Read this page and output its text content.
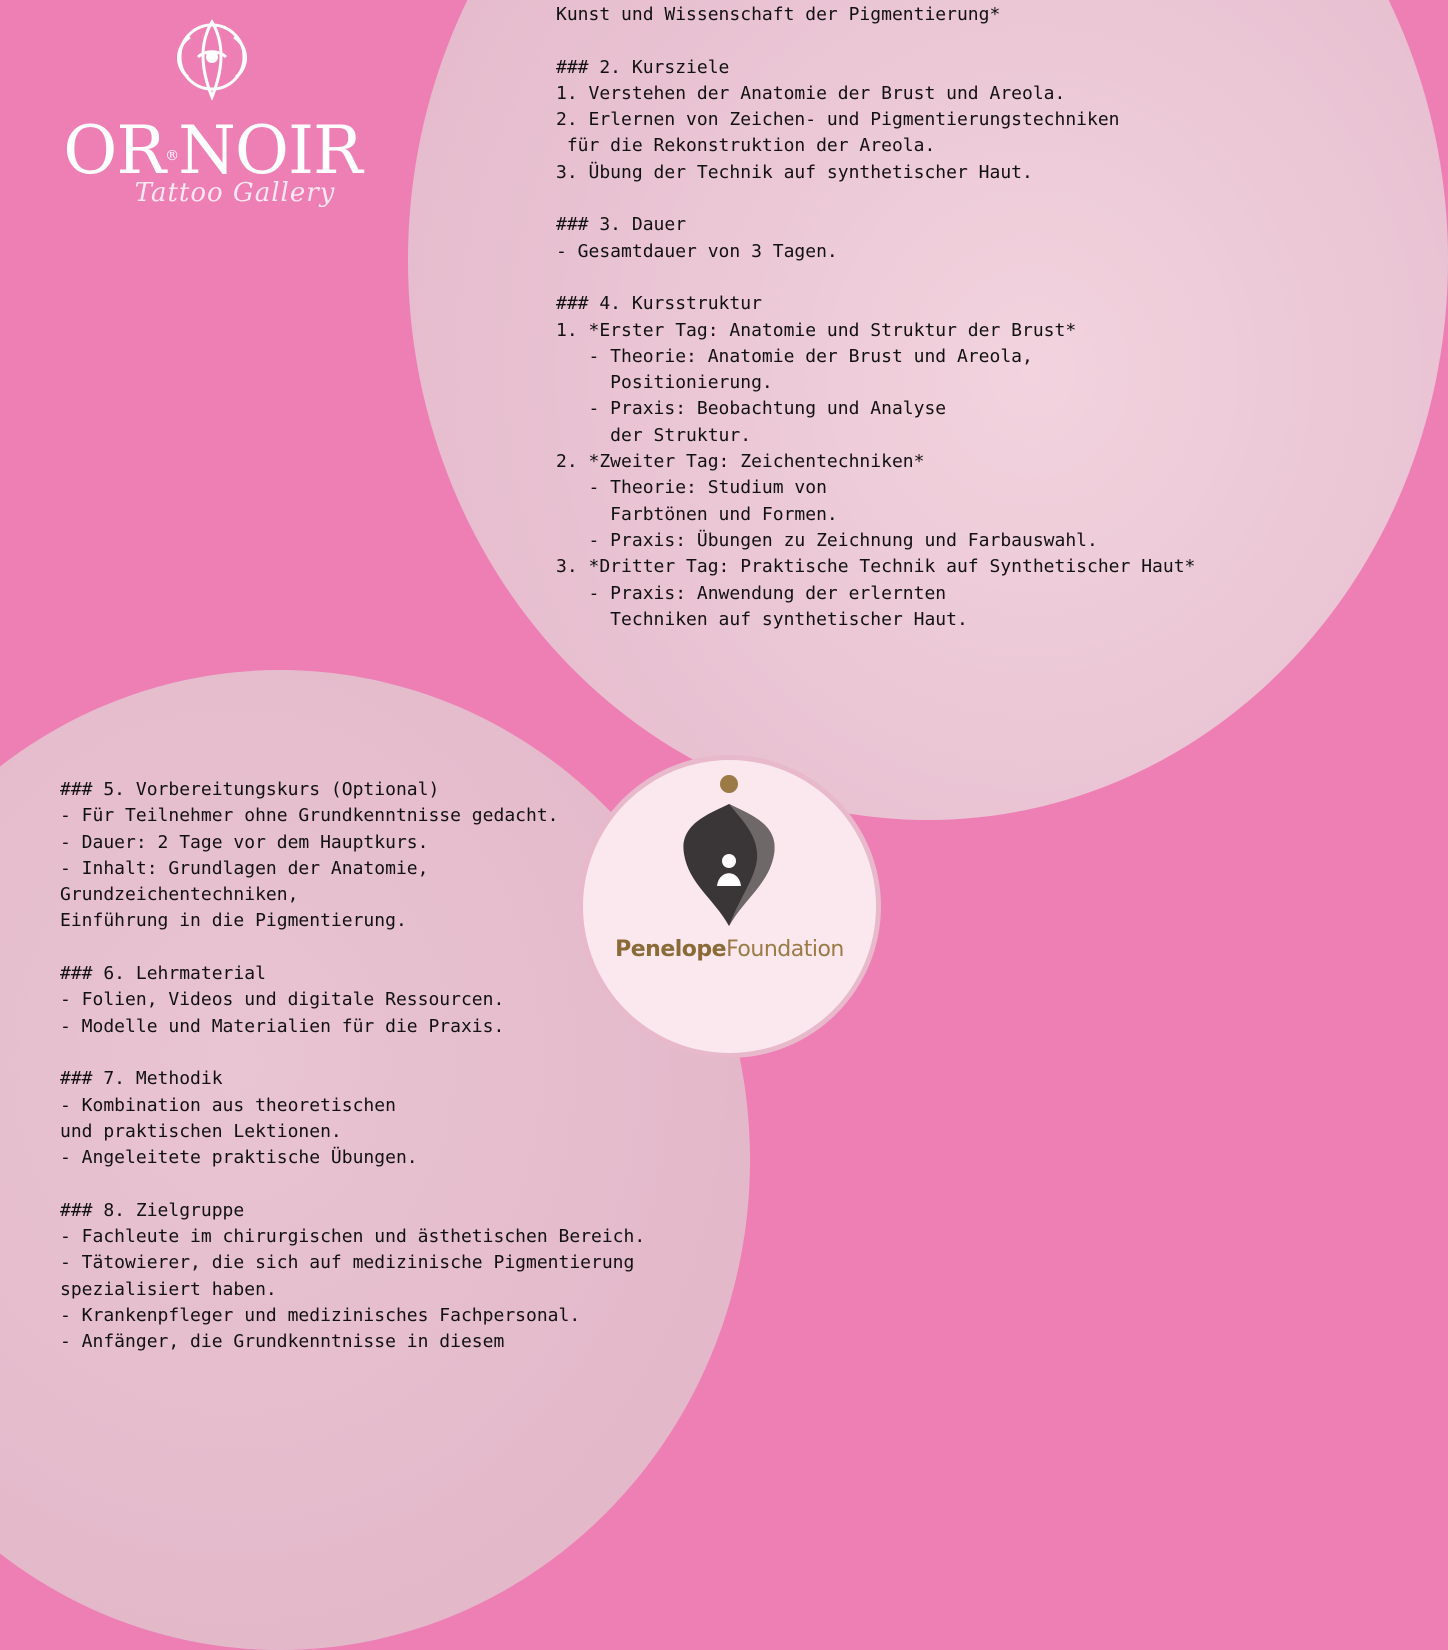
OR®NOIR
Tattoo Gallery
Kunst und Wissenschaft der Pigmentierung*

### 2. Kursziele
1. Verstehen der Anatomie der Brust und Areola.
2. Erlernen von Zeichen- und Pigmentierungstechniken
für die Rekonstruktion der Areola.
3. Übung der Technik auf synthetischer Haut.

### 3. Dauer
- Gesamtdauer von 3 Tagen.

### 4. Kursstruktur
1. *Erster Tag: Anatomie und Struktur der Brust*
- Theorie: Anatomie der Brust und Areola,
Positionierung.
- Praxis: Beobachtung und Analyse
der Struktur.
2. *Zweiter Tag: Zeichentechniken*
- Theorie: Studium von
Farbtönen und Formen.
- Praxis: Übungen zu Zeichnung und Farbauswahl.
3. *Dritter Tag: Praktische Technik auf Synthetischer Haut*
- Praxis: Anwendung der erlernten
Techniken auf synthetischer Haut.
PenelopeFoundation
### 5. Vorbereitungskurs (Optional)
- Für Teilnehmer ohne Grundkenntnisse gedacht.
- Dauer: 2 Tage vor dem Hauptkurs.
- Inhalt: Grundlagen der Anatomie,
Grundzeichentechniken,
Einführung in die Pigmentierung.

### 6. Lehrmaterial
- Folien, Videos und digitale Ressourcen.
- Modelle und Materialien für die Praxis.

### 7. Methodik
- Kombination aus theoretischen
und praktischen Lektionen.
- Angeleitete praktische Übungen.

### 8. Zielgruppe
- Fachleute im chirurgischen und ästhetischen Bereich.
- Tätowierer, die sich auf medizinische Pigmentierung
spezialisiert haben.
- Krankenpfleger und medizinisches Fachpersonal.
- Anfänger, die Grundkenntnisse in diesem
